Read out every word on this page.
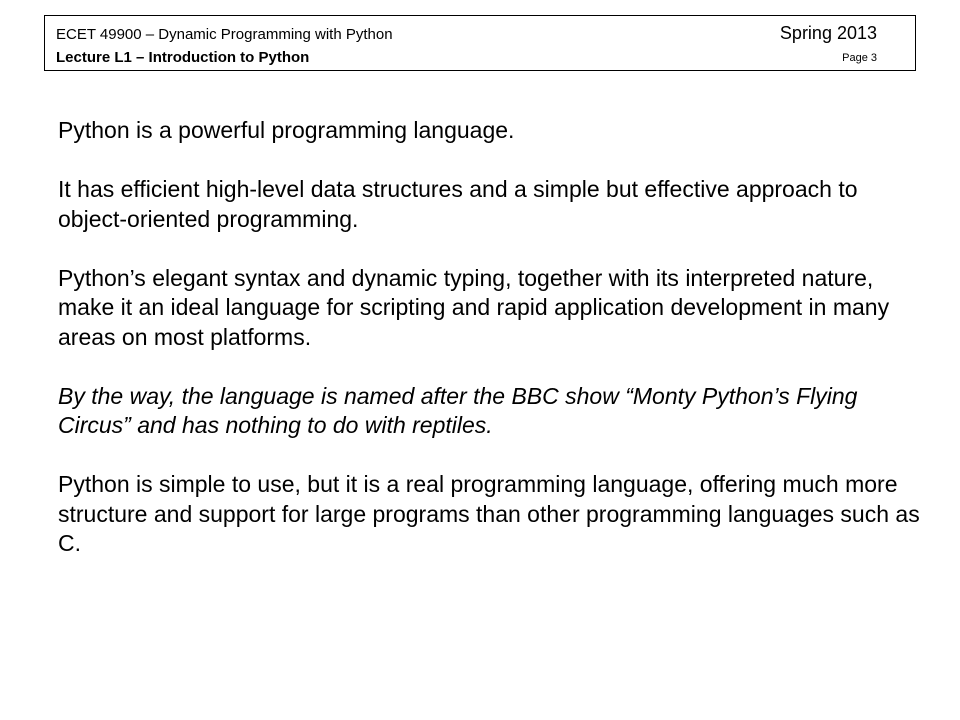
ECET 49900 – Dynamic Programming with Python	Spring 2013
Lecture L1 – Introduction to Python	Page 3

Python is a powerful programming language.

It has efficient high-level data structures and a simple but effective approach to object-oriented programming.

Python’s elegant syntax and dynamic typing, together with its interpreted nature, make it an ideal language for scripting and rapid application development in many areas on most platforms.

By the way, the language is named after the BBC show “Monty Python’s Flying Circus” and has nothing to do with reptiles.

Python is simple to use, but it is a real programming language, offering much more structure and support for large programs than other programming languages such as C.
